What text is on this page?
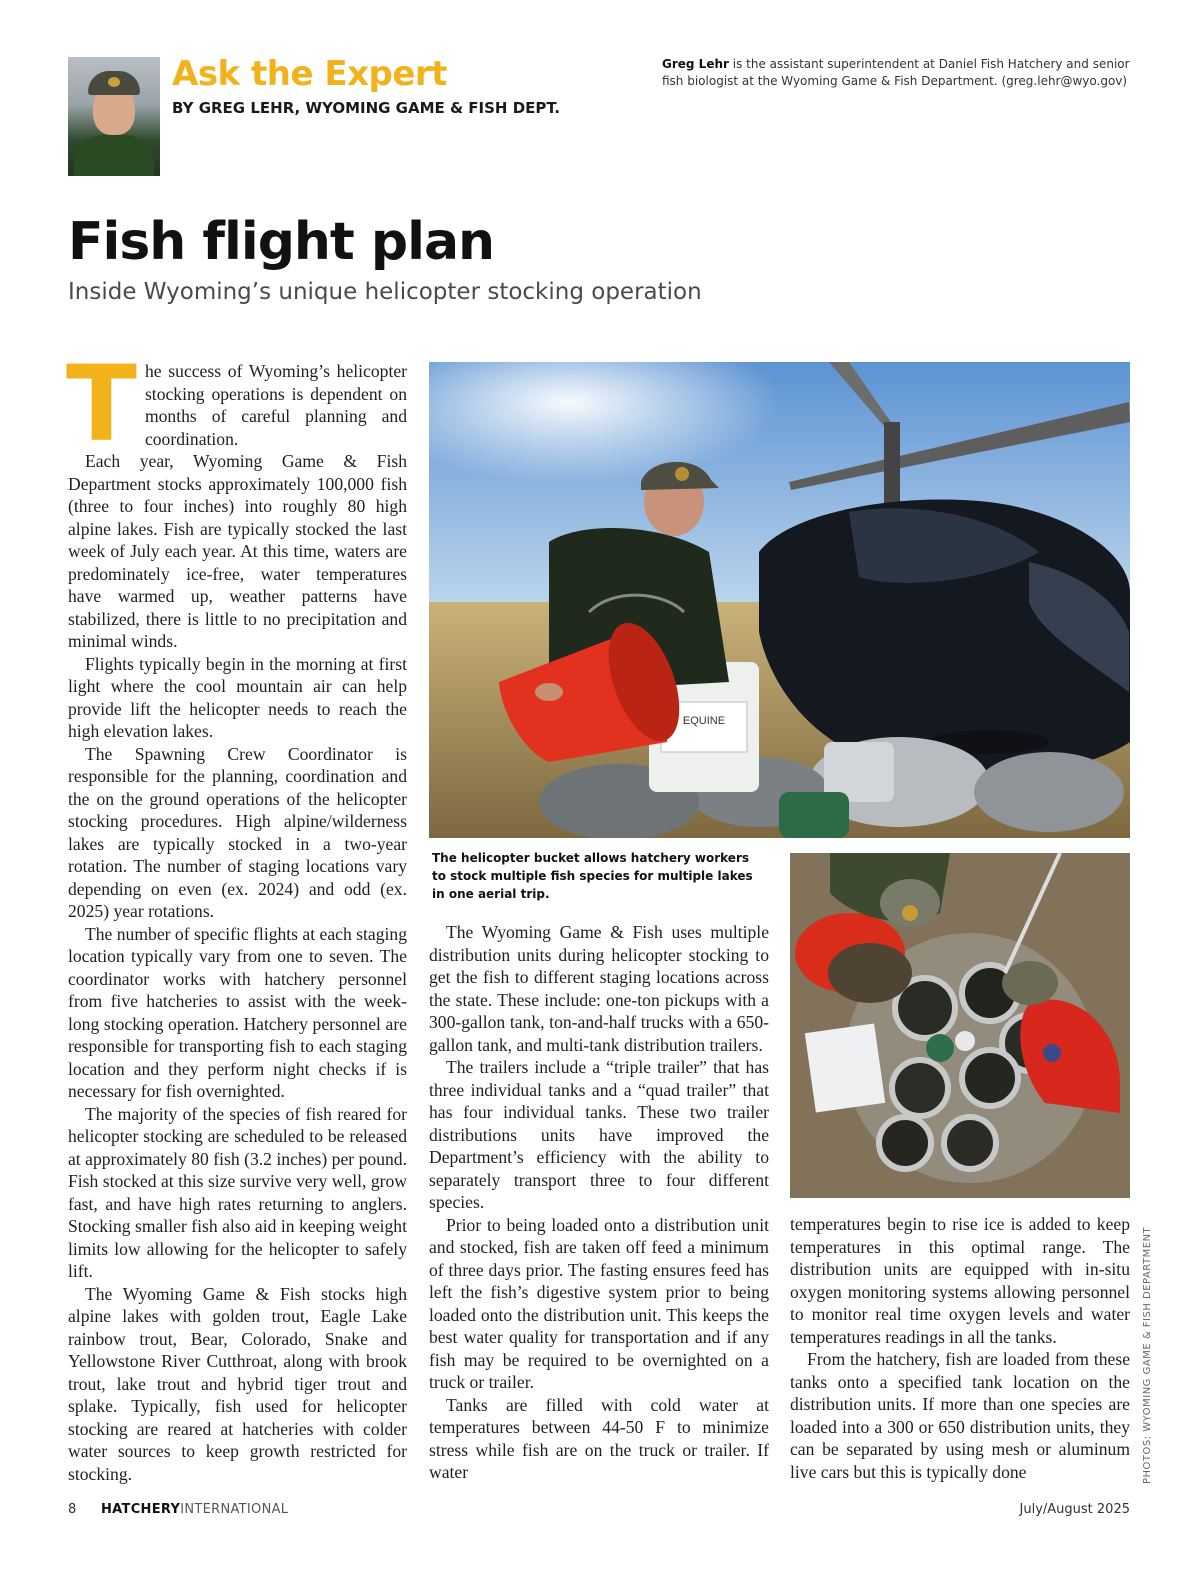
Ask the Expert
BY GREG LEHR, WYOMING GAME & FISH DEPT.
Greg Lehr is the assistant superintendent at Daniel Fish Hatchery and senior fish biologist at the Wyoming Game & Fish Department. (greg.lehr@wyo.gov)
Fish flight plan
Inside Wyoming’s unique helicopter stocking operation

The success of Wyoming’s helicopter stocking operations is dependent on months of careful planning and coordination.

Each year, Wyoming Game & Fish Department stocks approximately 100,000 fish (three to four inches) into roughly 80 high alpine lakes. Fish are typically stocked the last week of July each year. At this time, waters are predominately ice-free, water temperatures have warmed up, weather patterns have stabilized, there is little to no precipitation and minimal winds.

Flights typically begin in the morning at first light where the cool mountain air can help provide lift the helicopter needs to reach the high elevation lakes.

The Spawning Crew Coordinator is responsible for the planning, coordination and the on the ground operations of the helicopter stocking procedures. High alpine/wilderness lakes are typically stocked in a two-year rotation. The number of staging locations vary depending on even (ex. 2024) and odd (ex. 2025) year rotations.

The number of specific flights at each staging location typically vary from one to seven. The coordinator works with hatchery personnel from five hatcheries to assist with the week-long stocking operation. Hatchery personnel are responsible for transporting fish to each staging location and they perform night checks if is necessary for fish overnighted.

The majority of the species of fish reared for helicopter stocking are scheduled to be released at approximately 80 fish (3.2 inches) per pound. Fish stocked at this size survive very well, grow fast, and have high rates returning to anglers. Stocking smaller fish also aid in keeping weight limits low allowing for the helicopter to safely lift.

The Wyoming Game & Fish stocks high alpine lakes with golden trout, Eagle Lake rainbow trout, Bear, Colorado, Snake and Yellowstone River Cutthroat, along with brook trout, lake trout and hybrid tiger trout and splake. Typically, fish used for helicopter stocking are reared at hatcheries with colder water sources to keep growth restricted for stocking.

EQUINE
The helicopter bucket allows hatchery workers to stock multiple fish species for multiple lakes in one aerial trip.

The Wyoming Game & Fish uses multiple distribution units during helicopter stocking to get the fish to different staging locations across the state. These include: one-ton pickups with a 300-gallon tank, ton-and-half trucks with a 650-gallon tank, and multi-tank distribution trailers.

The trailers include a “triple trailer” that has three individual tanks and a “quad trailer” that has four individual tanks. These two trailer distributions units have improved the Department’s efficiency with the ability to separately transport three to four different species.

Prior to being loaded onto a distribution unit and stocked, fish are taken off feed a minimum of three days prior. The fasting ensures feed has left the fish’s digestive system prior to being loaded onto the distribution unit. This keeps the best water quality for transportation and if any fish may be required to be overnighted on a truck or trailer.

Tanks are filled with cold water at temperatures between 44-50 F to minimize stress while fish are on the truck or trailer. If water

temperatures begin to rise ice is added to keep temperatures in this optimal range. The distribution units are equipped with in-situ oxygen monitoring systems allowing personnel to monitor real time oxygen levels and water temperatures readings in all the tanks.

From the hatchery, fish are loaded from these tanks onto a specified tank location on the distribution units. If more than one species are loaded into a 300 or 650 distribution units, they can be separated by using mesh or aluminum live cars but this is typically done	PHOTOS: WYOMING GAME & FISH DEPARTMENT
8 HATCHERYINTERNATIONAL	July/August 2025
